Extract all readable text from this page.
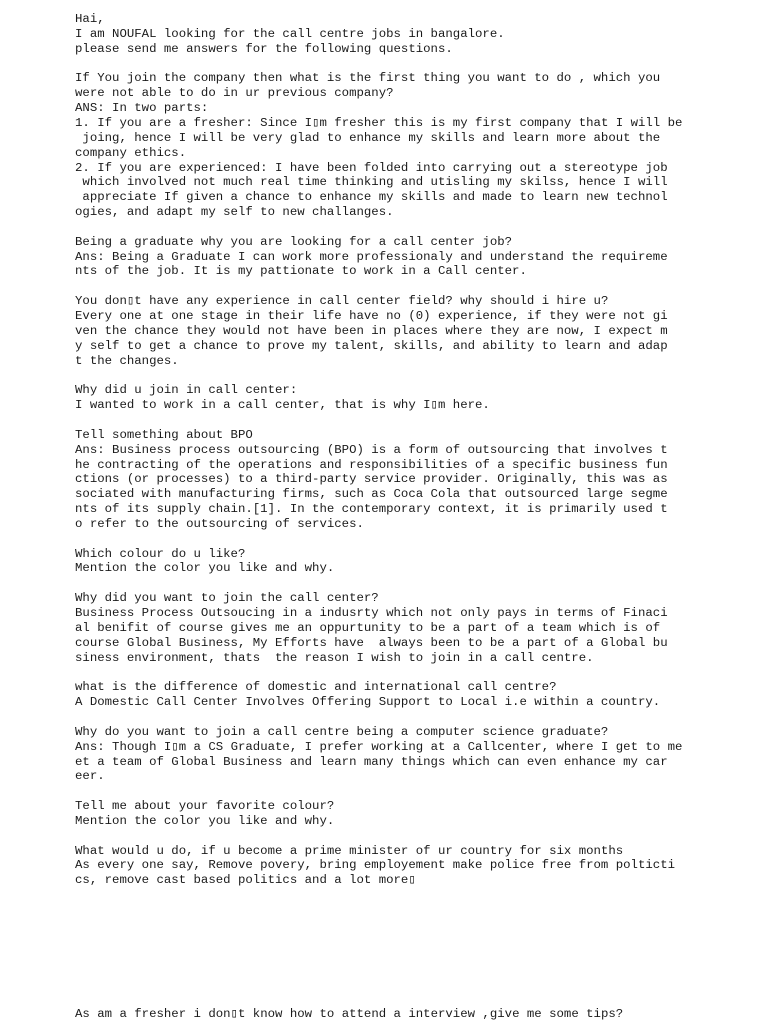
Hai,

I am NOUFAL looking for the call centre jobs in bangalore.

please send me answers for the following questions.

If You join the company then what is the first thing you want to do , which you

were not able to do in ur previous company?

ANS: In two parts:

1. If you are a fresher: Since I▯m fresher this is my first company that I will be

joing, hence I will be very glad to enhance my skills and learn more about the

company ethics.

2. If you are experienced: I have been folded into carrying out a stereotype job

which involved not much real time thinking and utisling my skilss, hence I will

appreciate If given a chance to enhance my skills and made to learn new technol

ogies, and adapt my self to new challanges.

Being a graduate why you are looking for a call center job?

Ans: Being a Graduate I can work more professionaly and understand the requireme

nts of the job. It is my pattionate to work in a Call center.

You don▯t have any experience in call center field? why should i hire u?

Every one at one stage in their life have no (0) experience, if they were not gi

ven the chance they would not have been in places where they are now, I expect m

y self to get a chance to prove my talent, skills, and ability to learn and adap

t the changes.

Why did u join in call center:

I wanted to work in a call center, that is why I▯m here.

Tell something about BPO

Ans: Business process outsourcing (BPO) is a form of outsourcing that involves t

he contracting of the operations and responsibilities of a specific business fun

ctions (or processes) to a third-party service provider. Originally, this was as

sociated with manufacturing firms, such as Coca Cola that outsourced large segme

nts of its supply chain.[1]. In the contemporary context, it is primarily used t

o refer to the outsourcing of services.

Which colour do u like?

Mention the color you like and why.

Why did you want to join the call center?

Business Process Outsoucing in a indusrty which not only pays in terms of Finaci

al benifit of course gives me an oppurtunity to be a part of a team which is of

course Global Business, My Efforts have  always been to be a part of a Global bu

siness environment, thats  the reason I wish to join in a call centre.

what is the difference of domestic and international call centre?

A Domestic Call Center Involves Offering Support to Local i.e within a country.

Why do you want to join a call centre being a computer science graduate?

Ans: Though I▯m a CS Graduate, I prefer working at a Callcenter, where I get to me

et a team of Global Business and learn many things which can even enhance my car

eer.

Tell me about your favorite colour?

Mention the color you like and why.

What would u do, if u become a prime minister of ur country for six months

As every one say, Remove povery, bring employement make police free from polticti

cs, remove cast based politics and a lot more▯

As am a fresher i don▯t know how to attend a interview ,give me some tips?
